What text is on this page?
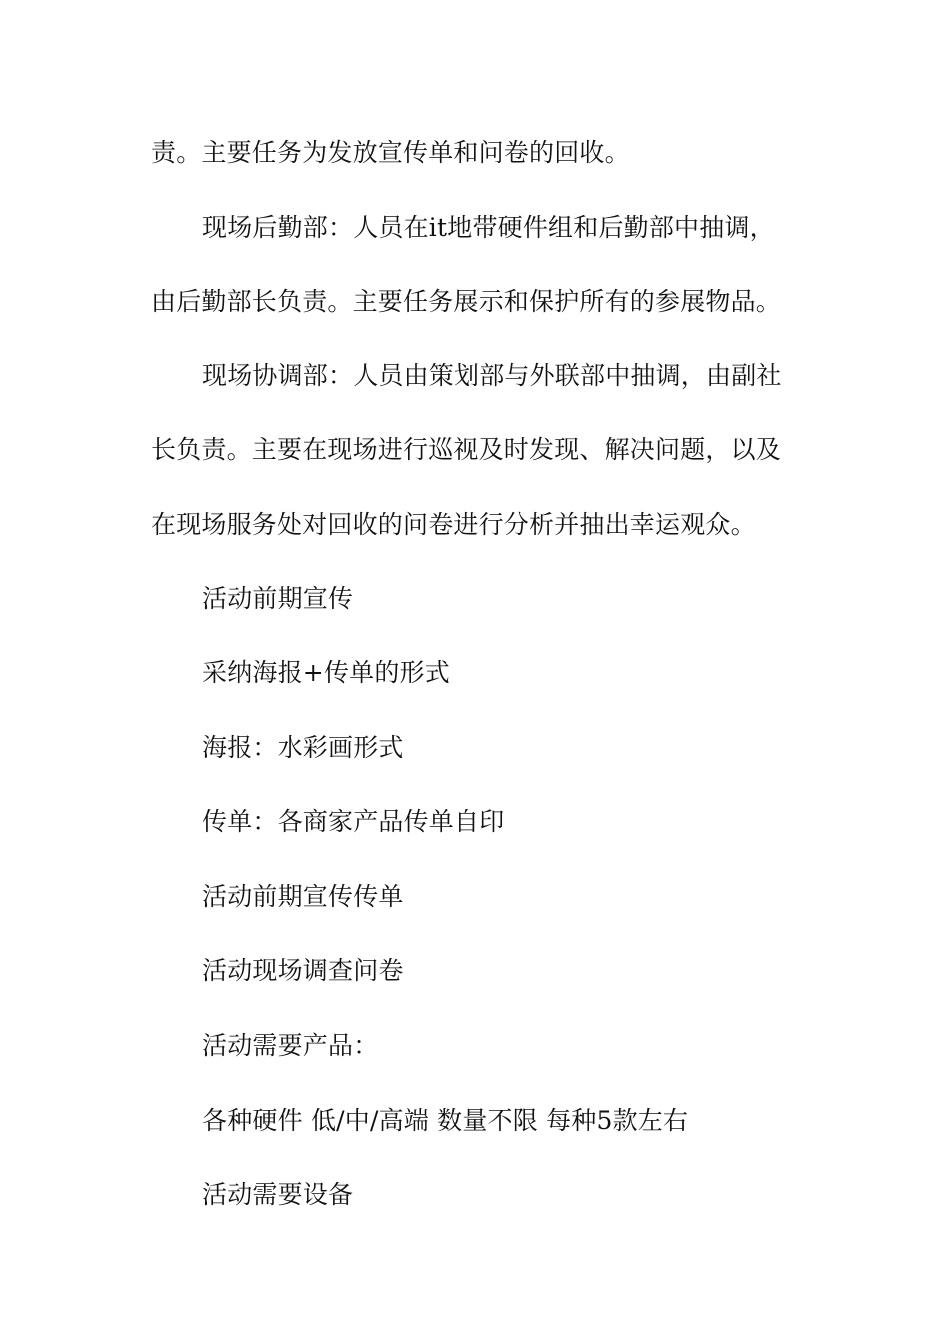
责。主要任务为发放宣传单和问卷的回收。
现场后勤部：人员在it地带硬件组和后勤部中抽调，
由后勤部长负责。主要任务展示和保护所有的参展物品。
现场协调部：人员由策划部与外联部中抽调，由副社
长负责。主要在现场进行巡视及时发现、解决问题，以及
在现场服务处对回收的问卷进行分析并抽出幸运观众。
活动前期宣传
采纳海报+传单的形式
海报：水彩画形式
传单：各商家产品传单自印
活动前期宣传传单
活动现场调查问卷
活动需要产品：
各种硬件 低/中/高端 数量不限 每种5款左右
活动需要设备
